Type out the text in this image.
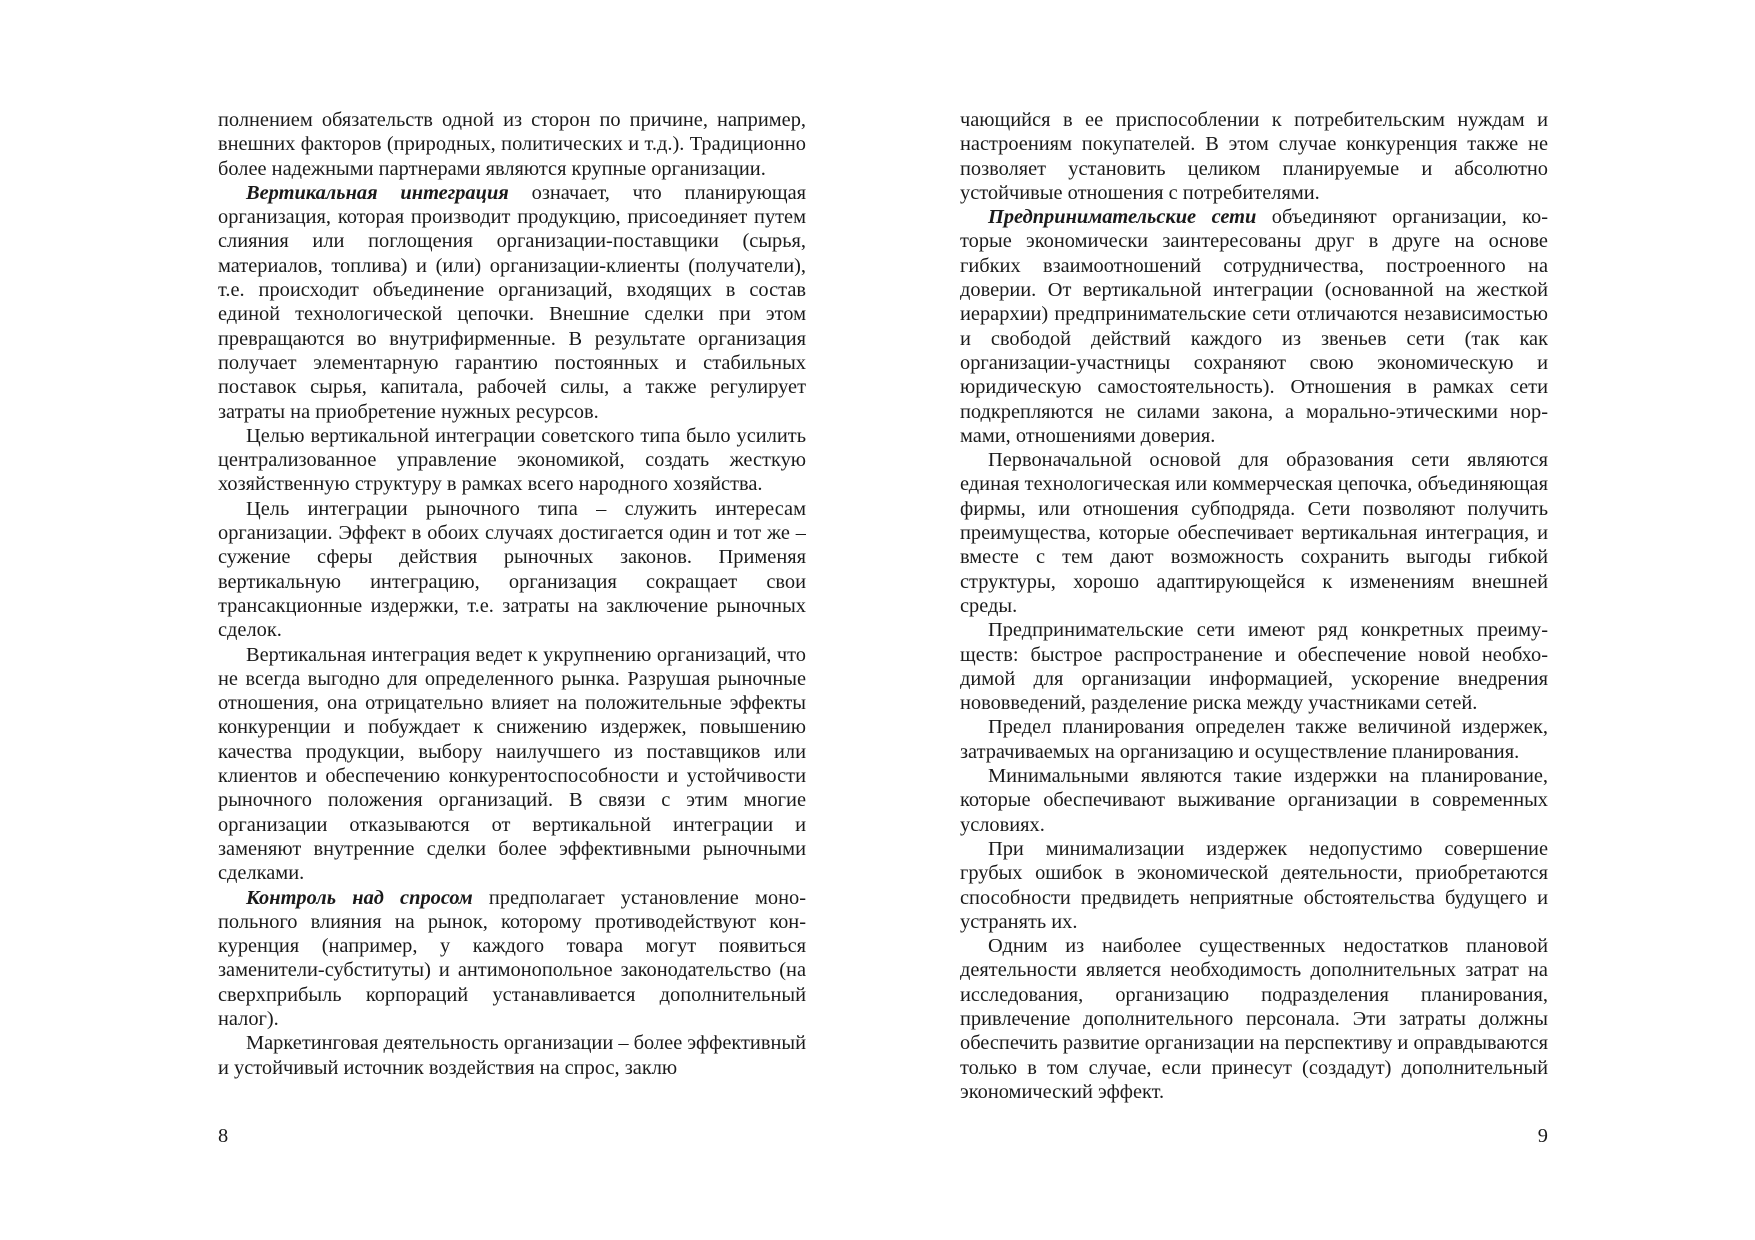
полнением обязательств одной из сторон по причине, например, внешних факторов (природных, политических и т.д.). Традиционно более надежными партнерами являются крупные организации.

Вертикальная интеграция означает, что планирующая организация, которая производит продукцию, присоединяет путем слияния или поглощения организации-поставщики (сырья, материалов, топлива) и (или) организации-клиенты (получатели), т.е. происходит объединение организаций, входящих в состав единой технологической цепочки. Внешние сделки при этом превращаются во внутрифирменные. В результате организация получает элементарную гарантию постоянных и стабильных поставок сырья, капитала, рабочей силы, а также регулирует затраты на приобретение нужных ресурсов.

Целью вертикальной интеграции советского типа было усилить централизованное управление экономикой, создать жесткую хозяйственную структуру в рамках всего народного хозяйства.

Цель интеграции рыночного типа – служить интересам организации. Эффект в обоих случаях достигается один и тот же – сужение сферы действия рыночных законов. Применяя вертикальную интеграцию, организация сокращает свои трансакционные издержки, т.е. затраты на заключение рыночных сделок.

Вертикальная интеграция ведет к укрупнению организаций, что не всегда выгодно для определенного рынка. Разрушая рыночные отношения, она отрицательно влияет на положительные эффекты конкуренции и побуждает к снижению издержек, повышению качества продукции, выбору наилучшего из поставщиков или клиентов и обеспечению конкурентоспособности и устойчивости рыночного положения организаций. В связи с этим многие организации отказываются от вертикальной интеграции и заменяют внутренние сделки более эффективными рыночными сделками.

Контроль над спросом предполагает установление монопольного влияния на рынок, которому противодействуют конкуренция (например, у каждого товара могут появиться заменители-субституты) и антимонопольное законодательство (на сверхприбыль корпораций устанавливается дополнительный налог).

Маркетинговая деятельность организации – более эффективный и устойчивый источник воздействия на спрос, заклю

8

чающийся в ее приспособлении к потребительским нуждам и настроениям покупателей. В этом случае конкуренция также не позволяет установить целиком планируемые и абсолютно устойчивые отношения с потребителями.

Предпринимательские сети объединяют организации, которые экономически заинтересованы друг в друге на основе гибких взаимоотношений сотрудничества, построенного на доверии. От вертикальной интеграции (основанной на жесткой иерархии) предпринимательские сети отличаются независимостью и свободой действий каждого из звеньев сети (так как организации-участницы сохраняют свою экономическую и юридическую самостоятельность). Отношения в рамках сети подкрепляются не силами закона, а морально-этическими нормами, отношениями доверия.

Первоначальной основой для образования сети являются единая технологическая или коммерческая цепочка, объединяющая фирмы, или отношения субподряда. Сети позволяют получить преимущества, которые обеспечивает вертикальная интеграция, и вместе с тем дают возможность сохранить выгоды гибкой структуры, хорошо адаптирующейся к изменениям внешней среды.

Предпринимательские сети имеют ряд конкретных преимуществ: быстрое распространение и обеспечение новой необходимой для организации информацией, ускорение внедрения нововведений, разделение риска между участниками сетей.

Предел планирования определен также величиной издержек, затрачиваемых на организацию и осуществление планирования.

Минимальными являются такие издержки на планирование, которые обеспечивают выживание организации в современных условиях.

При минимализации издержек недопустимо совершение грубых ошибок в экономической деятельности, приобретаются способности предвидеть неприятные обстоятельства будущего и устранять их.

Одним из наиболее существенных недостатков плановой деятельности является необходимость дополнительных затрат на исследования, организацию подразделения планирования, привлечение дополнительного персонала. Эти затраты должны обеспечить развитие организации на перспективу и оправдываются только в том случае, если принесут (создадут) дополнительный экономический эффект.

9
